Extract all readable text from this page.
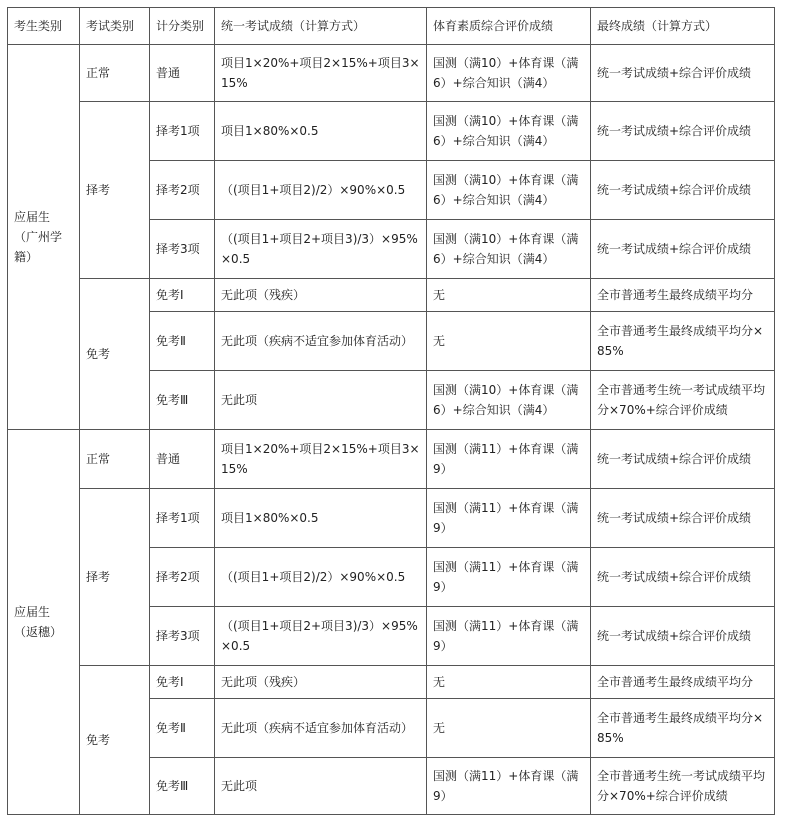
考生类别	考试类别	计分类别	统一考试成绩（计算方式）	体育素质综合评价成绩	最终成绩（计算方式）
应届生（广州学籍）	正常	普通	项目1×20%+项目2×15%+项目3×15%	国测（满10）+体育课（满6）+综合知识（满4）	统一考试成绩+综合评价成绩
	择考	择考1项	项目1×80%×0.5	国测（满10）+体育课（满6）+综合知识（满4）	统一考试成绩+综合评价成绩
		择考2项	（(项目1+项目2)/2）×90%×0.5	国测（满10）+体育课（满6）+综合知识（满4）	统一考试成绩+综合评价成绩
		择考3项	（(项目1+项目2+项目3)/3）×95%×0.5	国测（满10）+体育课（满6）+综合知识（满4）	统一考试成绩+综合评价成绩
	免考	免考Ⅰ	无此项（残疾）	无	全市普通考生最终成绩平均分
		免考Ⅱ	无此项（疾病不适宜参加体育活动）	无	全市普通考生最终成绩平均分×85%
		免考Ⅲ	无此项	国测（满10）+体育课（满6）+综合知识（满4）	全市普通考生统一考试成绩平均分×70%+综合评价成绩
应届生（返穗）	正常	普通	项目1×20%+项目2×15%+项目3×15%	国测（满11）+体育课（满9）	统一考试成绩+综合评价成绩
	择考	择考1项	项目1×80%×0.5	国测（满11）+体育课（满9）	统一考试成绩+综合评价成绩
		择考2项	（(项目1+项目2)/2）×90%×0.5	国测（满11）+体育课（满9）	统一考试成绩+综合评价成绩
		择考3项	（(项目1+项目2+项目3)/3）×95%×0.5	国测（满11）+体育课（满9）	统一考试成绩+综合评价成绩
	免考	免考Ⅰ	无此项（残疾）	无	全市普通考生最终成绩平均分
		免考Ⅱ	无此项（疾病不适宜参加体育活动）	无	全市普通考生最终成绩平均分×85%
		免考Ⅲ	无此项	国测（满11）+体育课（满9）	全市普通考生统一考试成绩平均分×70%+综合评价成绩
